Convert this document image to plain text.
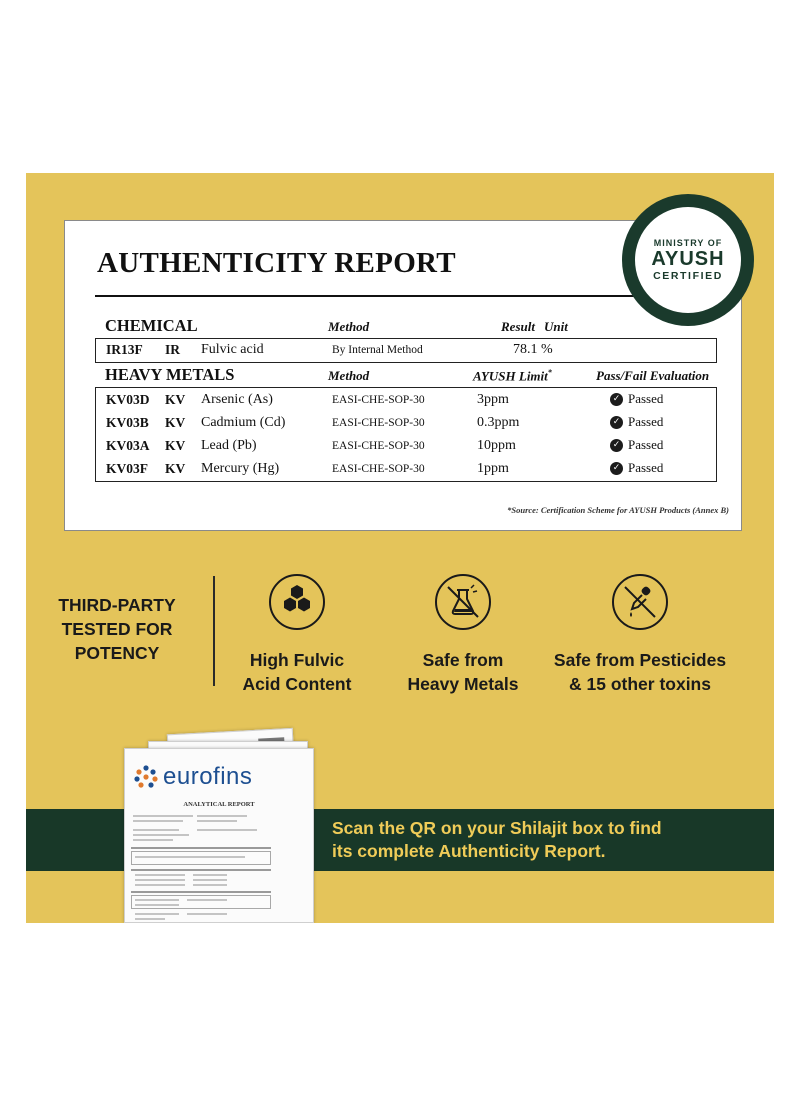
AUTHENTICITY REPORT
CHEMICAL	Method	Result Unit
IR13F IR Fulvic acid	By Internal Method	78.1 %
HEAVY METALS	Method	AYUSH Limit*	Pass/Fail Evaluation
KV03D KV Arsenic (As)	EASI-CHE-SOP-30	3ppm	✓ Passed
KV03B KV Cadmium (Cd)	EASI-CHE-SOP-30	0.3ppm	✓ Passed
KV03A KV Lead (Pb)	EASI-CHE-SOP-30	10ppm	✓ Passed
KV03F KV Mercury (Hg)	EASI-CHE-SOP-30	1ppm	✓ Passed
*Source: Certification Scheme for AYUSH Products (Annex B)
MINISTRY OF
AYUSH
CERTIFIED
THIRD-PARTY
TESTED FOR
POTENCY	High Fulvic
Acid Content
Safe from
Heavy Metals
Safe from Pesticides
& 15 other toxins
Scan the QR on your Shilajit box to find
its complete Authenticity Report.
eurofins
ANALYTICAL REPORT
